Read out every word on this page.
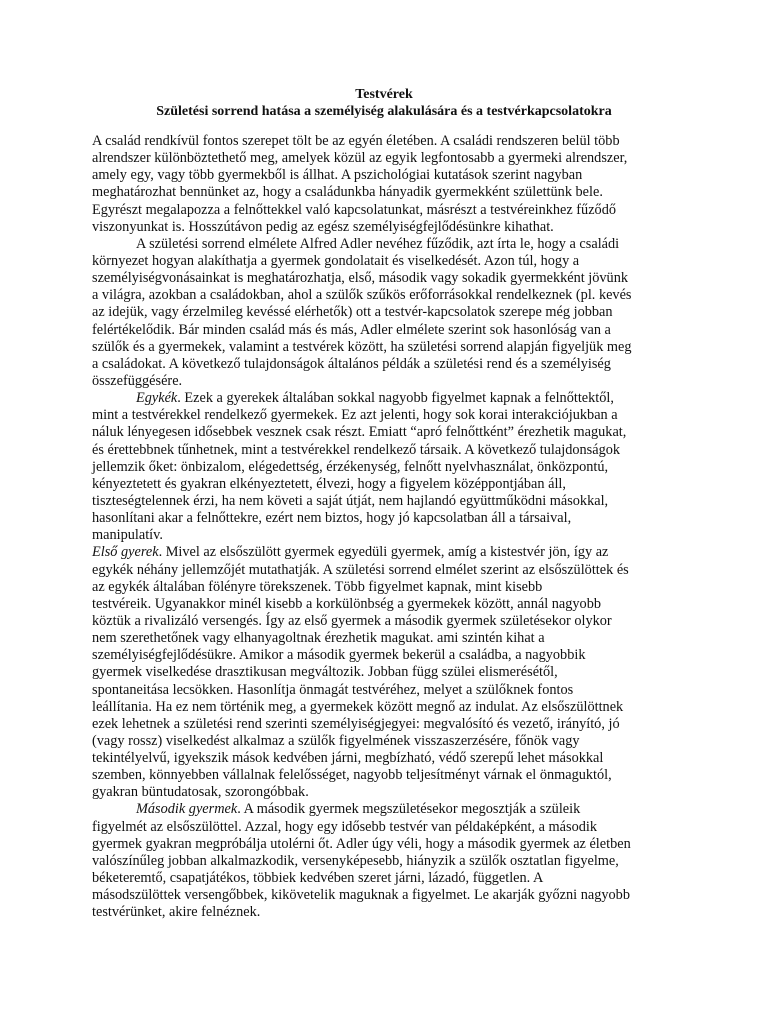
Testvérek
Születési sorrend hatása a személyiség alakulására és a testvérkapcsolatokra
A család rendkívül fontos szerepet tölt be az egyén életében. A családi rendszeren belül több
alrendszer különböztethető meg, amelyek közül az egyik legfontosabb a gyermeki alrendszer,
amely egy, vagy több gyermekből is állhat. A pszichológiai kutatások szerint nagyban
meghatározhat bennünket az, hogy a családunkba hányadik gyermekként születtünk bele.
Egyrészt megalapozza a felnőttekkel való kapcsolatunkat, másrészt a testvéreinkhez fűződő
viszonyunkat is. Hosszútávon pedig az egész személyiségfejlődésünkre kihathat.
A születési sorrend elmélete Alfred Adler nevéhez fűződik, azt írta le, hogy a családi
környezet hogyan alakíthatja a gyermek gondolatait és viselkedését. Azon túl, hogy a
személyiségvonásainkat is meghatározhatja, első, második vagy sokadik gyermekként jövünk
a világra, azokban a családokban, ahol a szülők szűkös erőforrásokkal rendelkeznek (pl. kevés
az idejük, vagy érzelmileg kevéssé elérhetők) ott a testvér-kapcsolatok szerepe még jobban
felértékelődik. Bár minden család más és más, Adler elmélete szerint sok hasonlóság van a
szülők és a gyermekek, valamint a testvérek között, ha születési sorrend alapján figyeljük meg
a családokat. A következő tulajdonságok általános példák a születési rend és a személyiség
összefüggésére.
Egykék. Ezek a gyerekek általában sokkal nagyobb figyelmet kapnak a felnőttektől,
mint a testvérekkel rendelkező gyermekek. Ez azt jelenti, hogy sok korai interakciójukban a
náluk lényegesen idősebbek vesznek csak részt. Emiatt “apró felnőttként” érezhetik magukat,
és érettebbnek tűnhetnek, mint a testvérekkel rendelkező társaik. A következő tulajdonságok
jellemzik őket: önbizalom, elégedettség, érzékenység, felnőtt nyelvhasználat, önközpontú,
kényeztetett és gyakran elkényeztetett, élvezi, hogy a figyelem középpontjában áll,
tiszteségtelennek érzi, ha nem követi a saját útját, nem hajlandó együttműködni másokkal,
hasonlítani akar a felnőttekre, ezért nem biztos, hogy jó kapcsolatban áll a társaival,
manipulatív.
Első gyerek. Mivel az elsőszülött gyermek egyedüli gyermek, amíg a kistestvér jön, így az
egykék néhány jellemzőjét mutathatják. A születési sorrend elmélet szerint az elsőszülöttek és
az egykék általában fölényre törekszenek. Több figyelmet kapnak, mint kisebb
testvéreik. Ugyanakkor minél kisebb a korkülönbség a gyermekek között, annál nagyobb
köztük a rivalizáló versengés. Így az első gyermek a második gyermek születésekor olykor
nem szerethetőnek vagy elhanyagoltnak érezhetik magukat. ami szintén kihat a
személyiségfejlődésükre. Amikor a második gyermek bekerül a családba, a nagyobbik
gyermek viselkedése drasztikusan megváltozik. Jobban függ szülei elismerésétől,
spontaneitása lecsökken. Hasonlítja önmagát testvéréhez, melyet a szülőknek fontos
leállítania. Ha ez nem történik meg, a gyermekek között megnő az indulat. Az elsőszülöttnek
ezek lehetnek a születési rend szerinti személyiségjegyei: megvalósító és vezető, irányító, jó
(vagy rossz) viselkedést alkalmaz a szülők figyelmének visszaszerzésére, főnök vagy
tekintélyelvű, igyekszik mások kedvében járni, megbízható, védő szerepű lehet másokkal
szemben, könnyebben vállalnak felelősséget, nagyobb teljesítményt várnak el önmaguktól,
gyakran büntudatosak, szorongóbbak.
Második gyermek. A második gyermek megszületésekor megosztják a szüleik
figyelmét az elsőszülöttel. Azzal, hogy egy idősebb testvér van példaképként, a második
gyermek gyakran megpróbálja utolérni őt. Adler úgy véli, hogy a második gyermek az életben
valószínűleg jobban alkalmazkodik, versenyképesebb, hiányzik a szülők osztatlan figyelme,
béketeremtő, csapatjátékos, többiek kedvében szeret járni, lázadó, független. A
másodszülöttek versengőbbek, kikövetelik maguknak a figyelmet. Le akarják győzni nagyobb
testvérünket, akire felnéznek.
